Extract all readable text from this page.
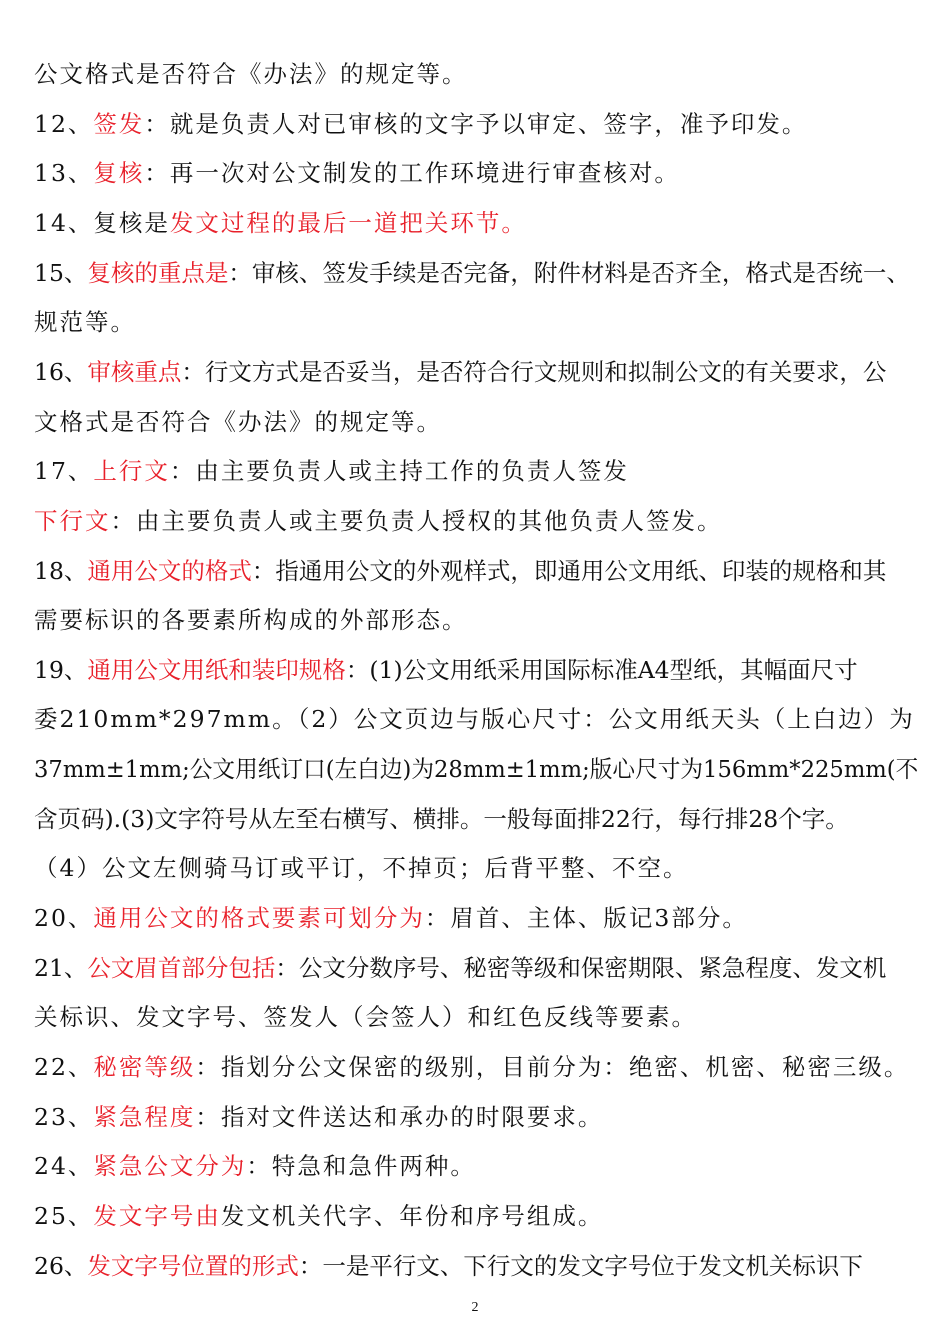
公文格式是否符合《办法》的规定等。
12、签发：就是负责人对已审核的文字予以审定、签字，准予印发。
13、复核：再一次对公文制发的工作环境进行审查核对。
14、复核是发文过程的最后一道把关环节。
15、复核的重点是：审核、签发手续是否完备，附件材料是否齐全，格式是否统一、
规范等。
16、审核重点：行文方式是否妥当，是否符合行文规则和拟制公文的有关要求，公
文格式是否符合《办法》的规定等。
17、上行文：由主要负责人或主持工作的负责人签发
下行文：由主要负责人或主要负责人授权的其他负责人签发。
18、通用公文的格式：指通用公文的外观样式，即通用公文用纸、印装的规格和其
需要标识的各要素所构成的外部形态。
19、通用公文用纸和装印规格：(1)公文用纸采用国际标准A4型纸，其幅面尺寸
委210mm*297mm。（2）公文页边与版心尺寸：公文用纸天头（上白边）为
37mm±1mm;公文用纸订口(左白边)为28mm±1mm;版心尺寸为156mm*225mm(不
含页码).(3)文字符号从左至右横写、横排。一般每面排22行，每行排28个字。
（4）公文左侧骑马订或平订，不掉页；后背平整、不空。
20、通用公文的格式要素可划分为：眉首、主体、版记3部分。
21、公文眉首部分包括：公文分数序号、秘密等级和保密期限、紧急程度、发文机
关标识、发文字号、签发人（会签人）和红色反线等要素。
22、秘密等级：指划分公文保密的级别，目前分为：绝密、机密、秘密三级。
23、紧急程度：指对文件送达和承办的时限要求。
24、紧急公文分为：特急和急件两种。
25、发文字号由发文机关代字、年份和序号组成。
26、发文字号位置的形式：一是平行文、下行文的发文字号位于发文机关标识下
2
